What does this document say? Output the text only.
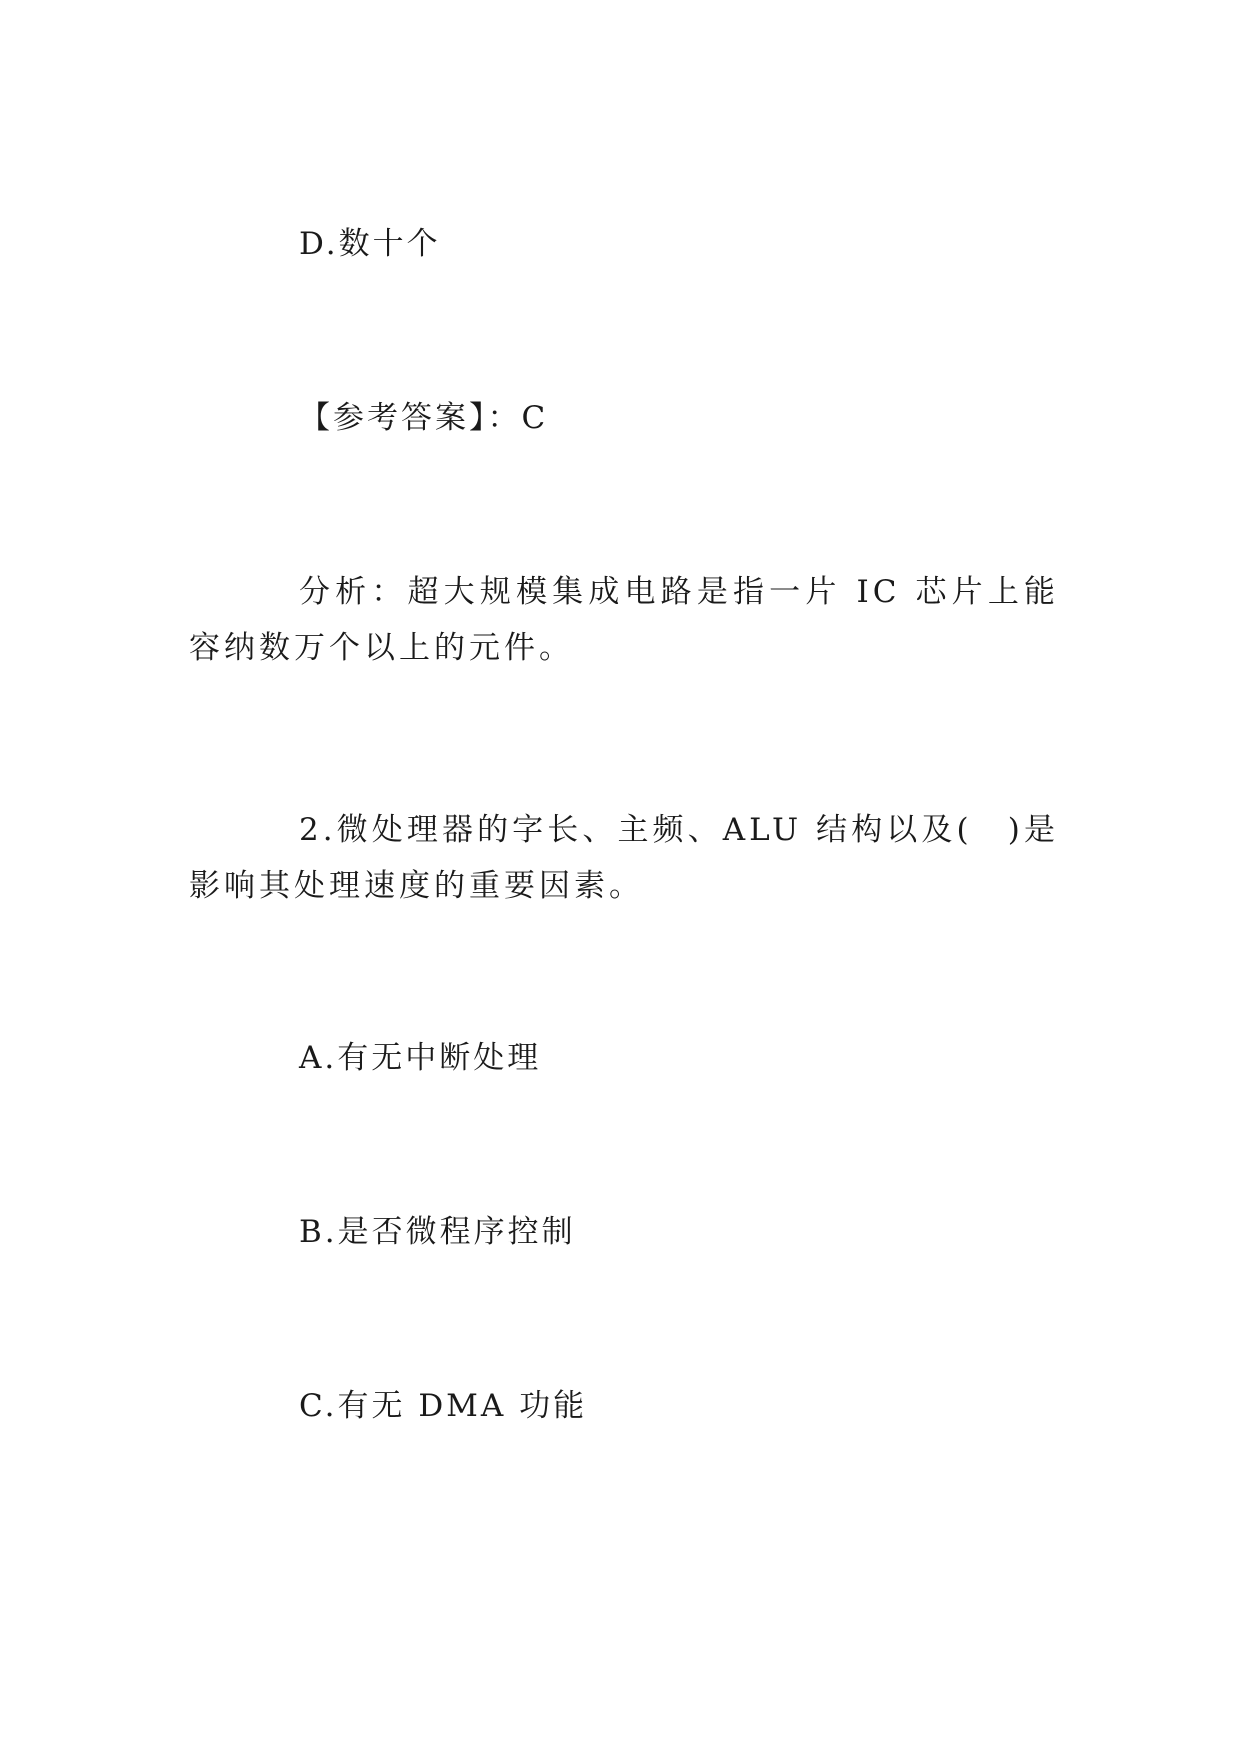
D.数十个
【参考答案】：C
分析：超大规模集成电路是指一片 IC 芯片上能容纳数万个以上的元件。
2.微处理器的字长、主频、ALU 结构以及(　)是影响其处理速度的重要因素。
A.有无中断处理
B.是否微程序控制
C.有无 DMA 功能
